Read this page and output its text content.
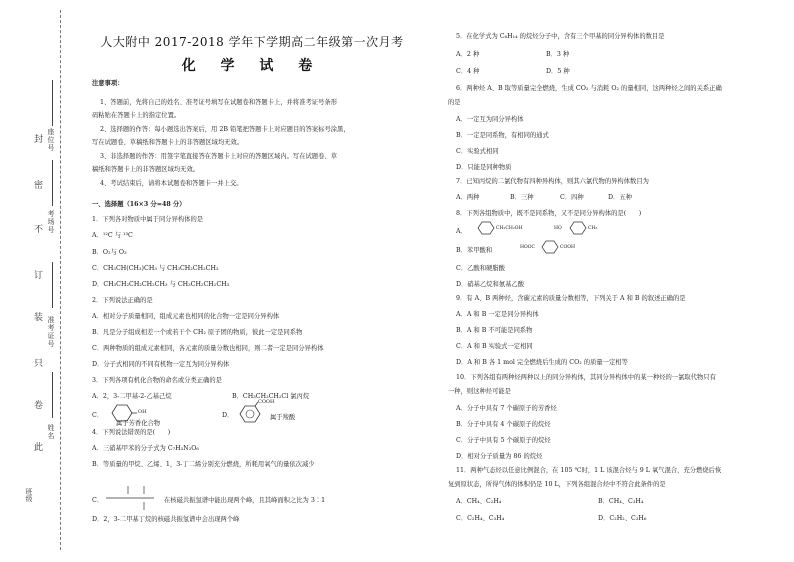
封
密
不
订
装
只
卷
此
座位号
考场号
准考证号
姓名
班级
人大附中 2017-2018 学年下学期高二年级第一次月考
化 学 试 卷
注意事项：
1、答题前，先将自己的姓名、准考证号填写在试题卷和答题卡上，并将准考证号条形
码粘贴在答题卡上的指定位置。
2、选择题的作答：每小题选出答案后，用 2B 铅笔把答题卡上对应题目的答案标号涂黑，
写在试题卷、草稿纸和答题卡上的非答题区域均无效。
3、非选择题的作答：用签字笔直接答在答题卡上对应的答题区域内。写在试题卷、草
稿纸和答题卡上的非答题区域均无效。
4、考试结束后，请将本试题卷和答题卡一并上交。
一、选择题（16×3 分=48 分）
1．下列各对物质中属于同分异构体的是
A．¹²C 与 ¹³C
B．O₂与 O₃
C．CH₃CH(CH₃)CH₃ 与 CH₃CH₂CH₂CH₃
D．CH₃CH₂CH₂CH₂CH₃ 与 CH₃CH₂CH₂CH₃
2．下列说法正确的是
A．相对分子质量相同，组成元素也相同的化合物一定是同分异构体
B．凡是分子组成相差一个或若干个 CH₂ 原子团的物质，彼此一定是同系物
C．两种物质的组成元素相同，各元素的质量分数也相同，则二者一定是同分异构体
D．分子式相同的不同有机物一定互为同分异构体
3．下列各项有机化合物的命名或分类正确的是
A．2，3-二甲基-2-乙基己烷	B．CH₃CH₂CH₂Cl 氯丙烷
C．	OH
属于芳香化合物
D．
COOH
属于羧酸
4．下列说法错误的是(　　)
A．三硝基甲苯的分子式为 C₇H₃N₃O₆
B．等质量的甲烷、乙烯、1，3-丁二烯分别充分燃烧，所耗用氧气的量依次减少
C．	在核磁共振氢谱中能出现两个峰，且其峰面积之比为 3∶1
D．2，3-二甲基丁烷的核磁共振氢谱中会出现两个峰
5．在化学式为 C₆H₁₄ 的烷烃分子中，含有三个甲基的同分异构体的数目是
A．2 种	B．3 种
C．4 种	D．5 种
6．两种烃 A、B 取等质量完全燃烧，生成 CO₂ 与消耗 O₂ 的量相同，这两种烃之间的关系正确
的是
A．一定互为同分异构体
B．一定是同系物，有相同的通式
C．实验式相同
D．只能是同种物质
7．已知丙烷的二氯代物有四种异构体，则其六氯代物的异构体数目为
A．两种	B．三种	C．四种	D．五种
8．下列各组物质中，既不是同系物，又不是同分异构体的是(　　)
A．	CH₂CH₂OH	HO	CH₃
B．苯甲酸和	HOOC	COOH
C．乙酸和硬脂酸
D．硝基乙烷和氨基乙酸
9．有 A、B 两种烃，含碳元素的质量分数相等，下列关于 A 和 B 的叙述正确的是
A．A 和 B 一定是同分异构体
B．A 和 B 不可能是同系物
C．A 和 B 实验式一定相同
D．A 和 B 各 1 mol 完全燃烧后生成的 CO₂ 的质量一定相等
10．下列各组有两种烃两种以上的同分异构体，其同分异构体中的某一种烃的一氯取代物只有
一种，则这种烃可能是
A．分子中具有 7 个碳原子的芳香烃
B．分子中具有 4 个碳原子的烷烃
C．分子中具有 5 个碳原子的烷烃
D．相对分子质量为 86 的烷烃
11．两种气态烃以任意比例混合，在 105 ℃时，1 L 该混合烃与 9 L 氧气混合，充分燃烧后恢
复到原状态，所得气体的体积仍是 10 L，下列各组混合烃中不符合此条件的是
A．CH₄、C₂H₄	B．CH₄、C₃H₄
C．C₂H₄、C₃H₄	D．C₂H₂、C₃H₆
